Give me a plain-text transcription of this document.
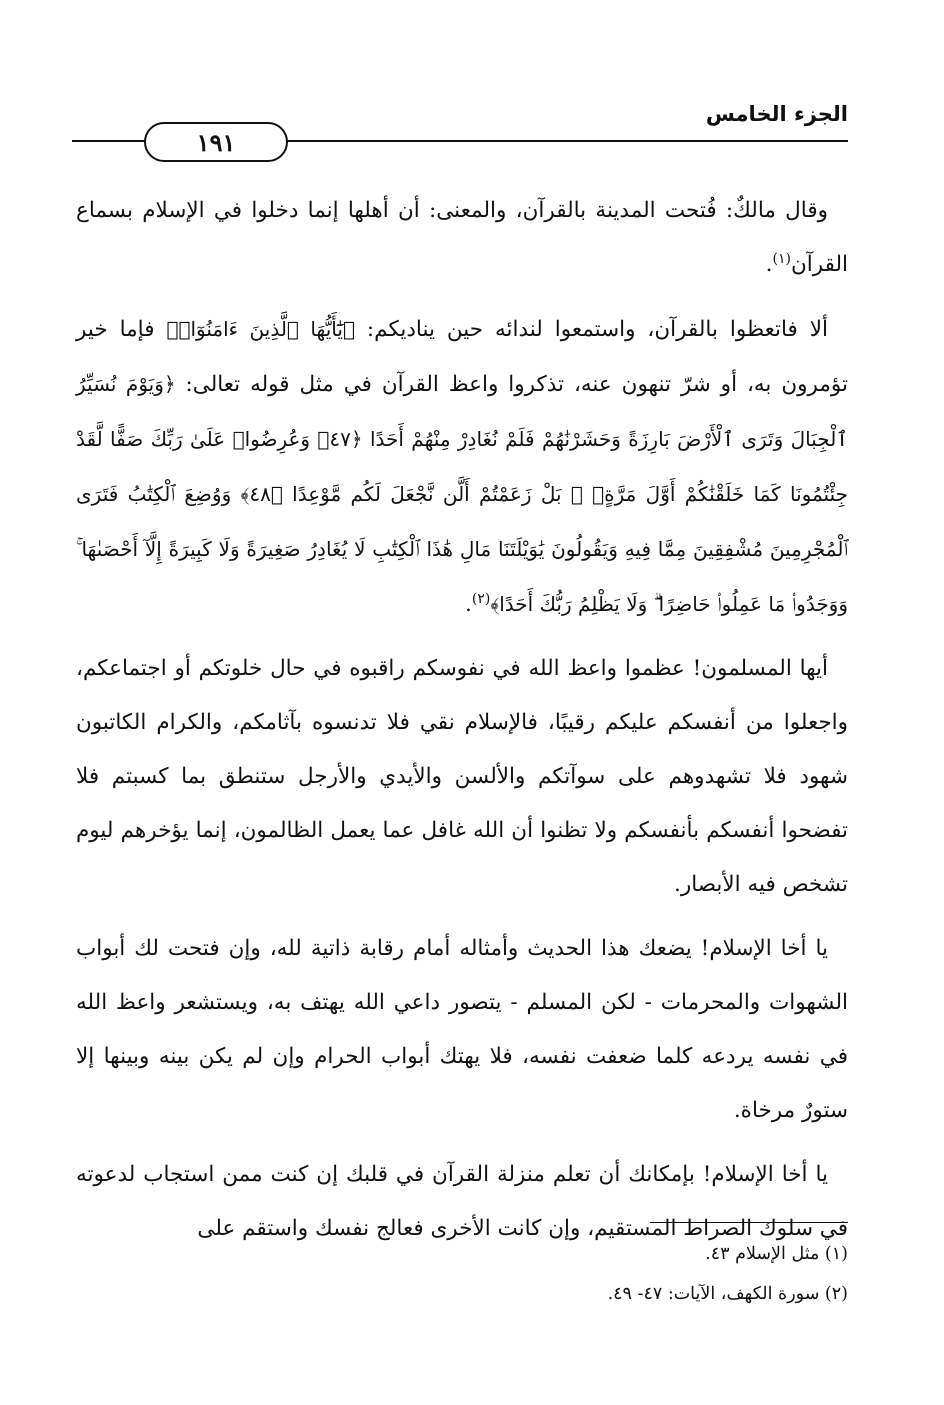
الجزء الخامس
١٩١

وقال مالكٌ: فُتحت المدينة بالقرآن، والمعنى: أن أهلها إنما دخلوا في الإسلام بسماع القرآن$^{(١)}$.

ألا فاتعظوا بالقرآن، واستمعوا لندائه حين يناديكم: ﴿يَٰٓأَيُّهَا ٱلَّذِينَ ءَامَنُوٓا۟﴾ فإما خير تؤمرون به، أو شرّ تنهون عنه، تذكروا واعظ القرآن في مثل قوله تعالى: ﴿وَيَوْمَ نُسَيِّرُ ٱلْجِبَالَ وَتَرَى ٱلْأَرْضَ بَارِزَةً وَحَشَرْنَٰهُمْ فَلَمْ نُغَادِرْ مِنْهُمْ أَحَدًا ﴿٤٧﴾ وَعُرِضُوا۟ عَلَىٰ رَبِّكَ صَفًّا لَّقَدْ جِئْتُمُونَا كَمَا خَلَقْنَٰكُمْ أَوَّلَ مَرَّةٍۭ ۚ بَلْ زَعَمْتُمْ أَلَّن نَّجْعَلَ لَكُم مَّوْعِدًا ﴿٤٨﴾ وَوُضِعَ ٱلْكِتَٰبُ فَتَرَى ٱلْمُجْرِمِينَ مُشْفِقِينَ مِمَّا فِيهِ وَيَقُولُونَ يَٰوَيْلَتَنَا مَالِ هَٰذَا ٱلْكِتَٰبِ لَا يُغَادِرُ صَغِيرَةً وَلَا كَبِيرَةً إِلَّآ أَحْصَىٰهَا ۚ وَوَجَدُوا۟ مَا عَمِلُوا۟ حَاضِرًا ۗ وَلَا يَظْلِمُ رَبُّكَ أَحَدًا﴾$^{(٢)}$.

أيها المسلمون! عظموا واعظ الله في نفوسكم راقبوه في حال خلوتكم أو اجتماعكم، واجعلوا من أنفسكم عليكم رقيبًا، فالإسلام نقي فلا تدنسوه بآثامكم، والكرام الكاتبون شهود فلا تشهدوهم على سوآتكم والألسن والأيدي والأرجل ستنطق بما كسبتم فلا تفضحوا أنفسكم بأنفسكم ولا تظنوا أن الله غافل عما يعمل الظالمون، إنما يؤخرهم ليوم تشخص فيه الأبصار.

يا أخا الإسلام! يضعك هذا الحديث وأمثاله أمام رقابة ذاتية لله، وإن فتحت لك أبواب الشهوات والمحرمات - لكن المسلم - يتصور داعي الله يهتف به، ويستشعر واعظ الله في نفسه يردعه كلما ضعفت نفسه، فلا يهتك أبواب الحرام وإن لم يكن بينه وبينها إلا ستورٌ مرخاة.

يا أخا الإسلام! بإمكانك أن تعلم منزلة القرآن في قلبك إن كنت ممن استجاب لدعوته في سلوك الصراط المستقيم، وإن كانت الأخرى فعالج نفسك واستقم على

(١) مثل الإسلام ٤٣.
(٢) سورة الكهف، الآيات: ٤٧- ٤٩.
